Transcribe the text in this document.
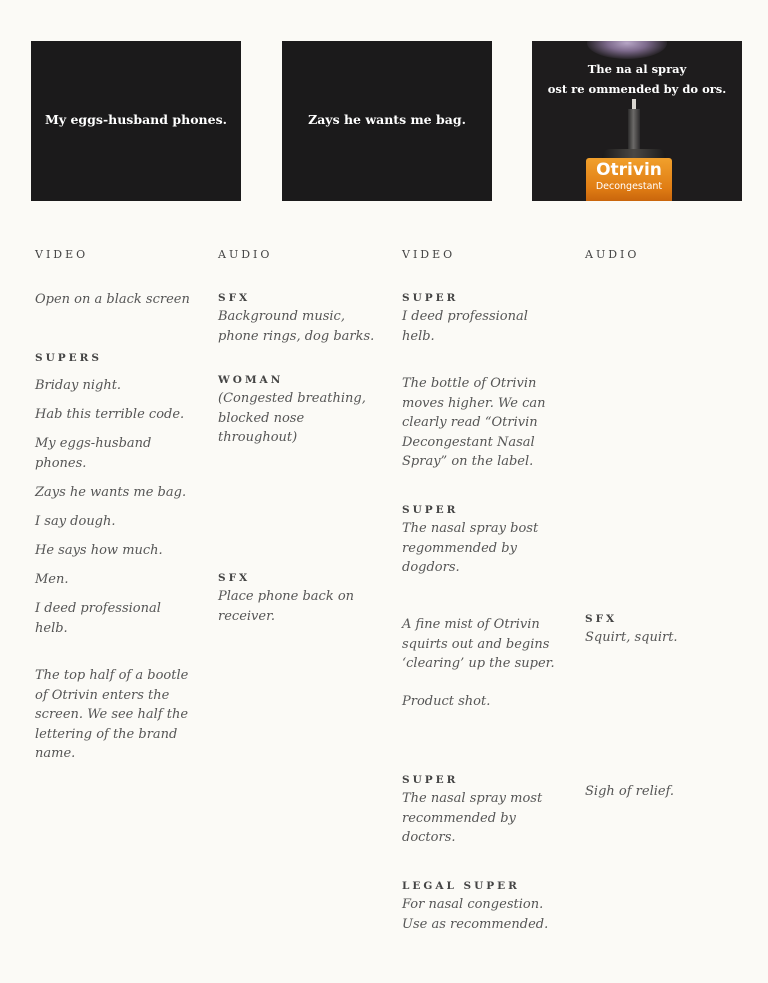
My eggs-husband phones.	Zays he wants me bag.
The na al spray
ost re ommended by do ors.
Otrivin
Decongestant
VIDEO
Open on a black screen
SUPERS
Briday night.
Hab this terrible code.
My eggs-husband phones.
Zays he wants me bag.
I say dough.
He says how much.
Men.
I deed professional helb.
The top half of a bootle of Otrivin enters the screen. We see half the lettering of the brand name.
AUDIO
SFX
Background music, phone rings, dog barks.
WOMAN
(Congested breathing, blocked nose throughout)
SFX
Place phone back on receiver.
VIDEO
SUPER
I deed professional helb.
The bottle of Otrivin moves higher. We can clearly read “Otrivin Decongestant Nasal Spray” on the label.
SUPER
The nasal spray bost regommended by dogdors.
A fine mist of Otrivin squirts out and begins ‘clearing’ up the super.
Product shot.
SUPER
The nasal spray most recommended by doctors.
LEGAL SUPER
For nasal congestion. Use as recommended.
AUDIO
SFX
Squirt, squirt.
Sigh of relief.
